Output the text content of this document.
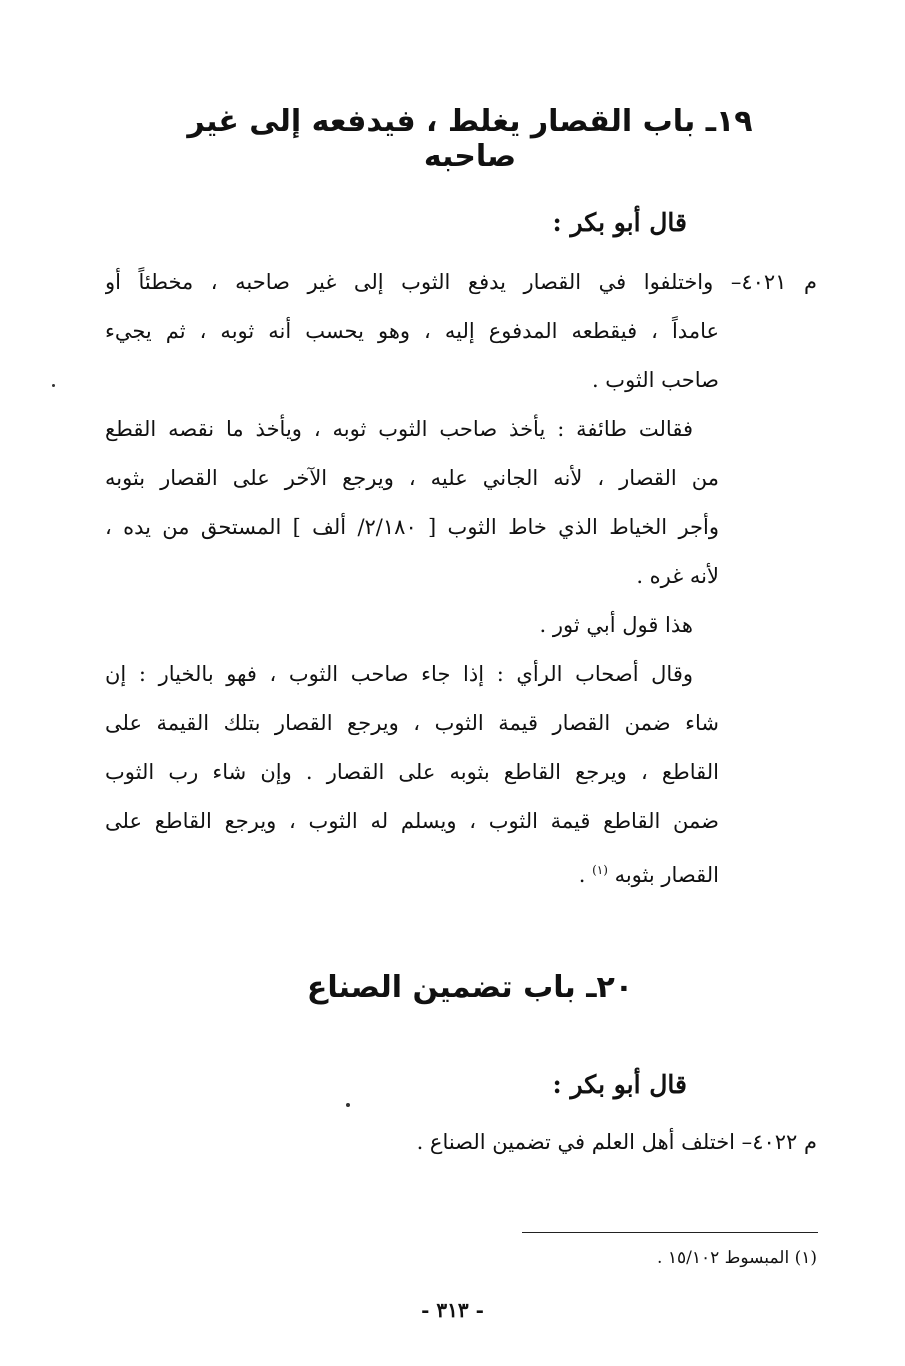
١٩ـ باب القصار يغلط ، فيدفعه إلى غير صاحبه
قال أبو بكر :
م ٤٠٢١– واختلفوا في القصار يدفع الثوب إلى غير صاحبه ، مخطئاً أو
عامداً ، فيقطعه المدفوع إليه ، وهو يحسب أنه ثوبه ، ثم يجيء
صاحب الثوب .
فقالت طائفة : يأخذ صاحب الثوب ثوبه ، ويأخذ ما نقصه القطع
من القصار ، لأنه الجاني عليه ، ويرجع الآخر على القصار بثوبه
وأجر الخياط الذي خاط الثوب [ ٢/١٨٠/ ألف ] المستحق من يده ،
لأنه غره .
هذا قول أبي ثور .
وقال أصحاب الرأي : إذا جاء صاحب الثوب ، فهو بالخيار : إن
شاء ضمن القصار قيمة الثوب ، ويرجع القصار بتلك القيمة على
القاطع ، ويرجع القاطع بثوبه على القصار . وإن شاء رب الثوب
ضمن القاطع قيمة الثوب ، ويسلم له الثوب ، ويرجع القاطع على
القصار بثوبه $^{(١)}$ .
٢٠ـ باب تضمين الصناع
قال أبو بكر :
م ٤٠٢٢– اختلف أهل العلم في تضمين الصناع .
(١) المبسوط ١٥/١٠٢ .
- ٣١٣ -
